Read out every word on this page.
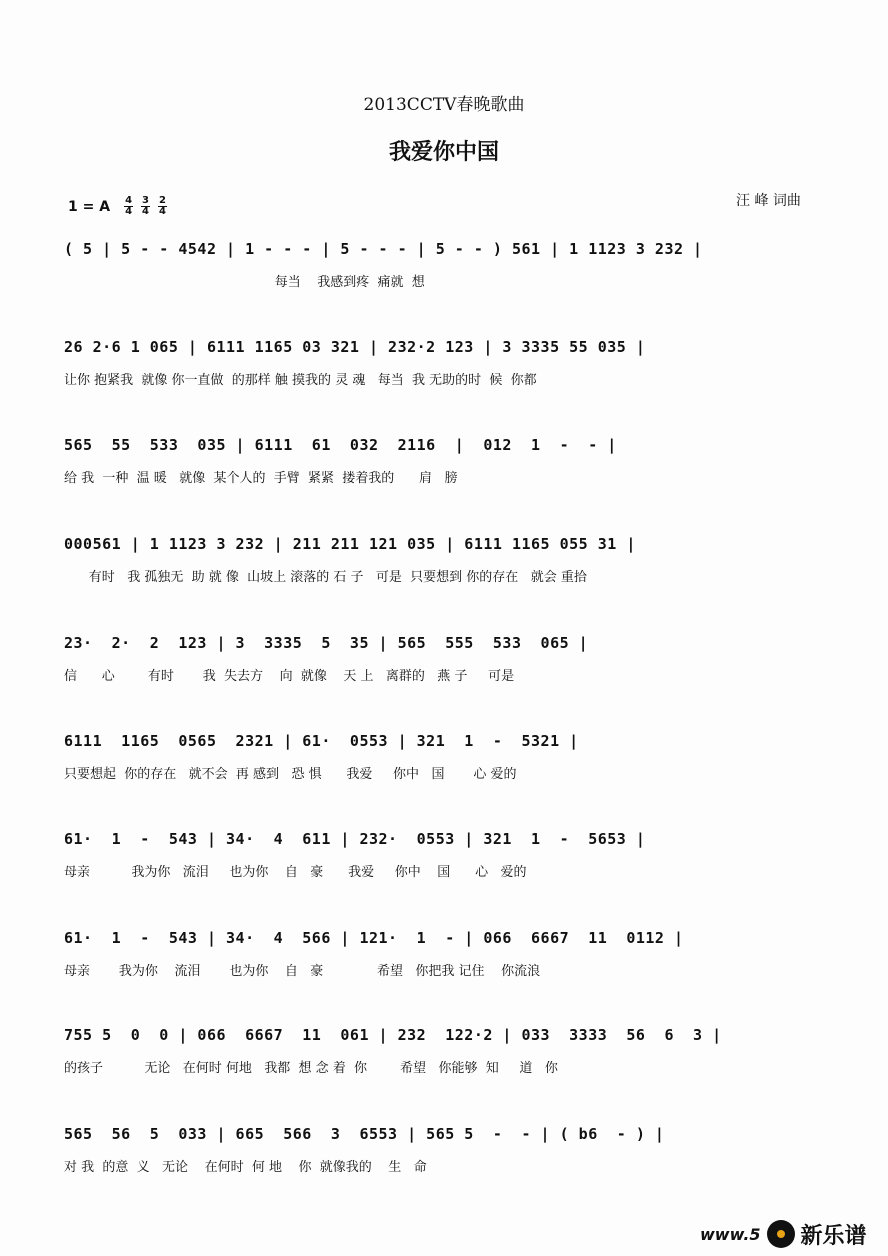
2013CCTV春晚歌曲
我爱你中国
1 = A $\frac{4}{4} \frac{3}{4} \frac{2}{4}$	汪 峰 词曲
( 5 | 5 - - 4542 | 1 - - - | 5 - - - | 5 - - ) 561 | 1 1123 3 232 |
每当    我感到疼  痛就  想
26 2·6 1 065 | 6111 1165 03 321 | 232·2 123 | 3 3335 55 035 |
让你 抱紧我  就像 你一直做  的那样 触 摸我的 灵 魂   每当  我 无助的时  候  你都
565  55  533  035 | 6111  61  032  2116  |  012  1  -  - |
给 我  一种  温 暖   就像  某个人的  手臂  紧紧  搂着我的      肩   膀
000561 | 1 1123 3 232 | 211 211 121 035 | 6111 1165 055 31 |
有时   我 孤独无  助 就 像  山坡上 滚落的 石 子   可是  只要想到 你的存在   就会 重拾
23·  2·  2  123 | 3  3335  5  35 | 565  555  533  065 |
信      心        有时       我  失去方    向  就像    天 上   离群的   燕 子     可是
6111  1165  0565  2321 | 61·  0553 | 321  1  -  5321 |
只要想起  你的存在   就不会  再 感到   恐 惧      我爱     你中   国       心 爱的
61·  1  -  543 | 34·  4  611 | 232·  0553 | 321  1  -  5653 |
母亲          我为你   流泪     也为你    自   豪      我爱     你中    国      心   爱的
61·  1  -  543 | 34·  4  566 | 121·  1  - | 066  6667  11  0112 |
母亲       我为你    流泪       也为你    自   豪             希望   你把我 记住    你流浪
755 5  0  0 | 066  6667  11  061 | 232  122·2 | 033  3333  56  6  3 |
的孩子          无论   在何时 何地   我都  想 念 着  你        希望   你能够  知     道   你
565  56  5  033 | 665  566  3  6553 | 565 5  -  - | ( b6  - ) |
对 我  的意  义   无论    在何时  何 地    你  就像我的    生   命
www.5 新乐谱
